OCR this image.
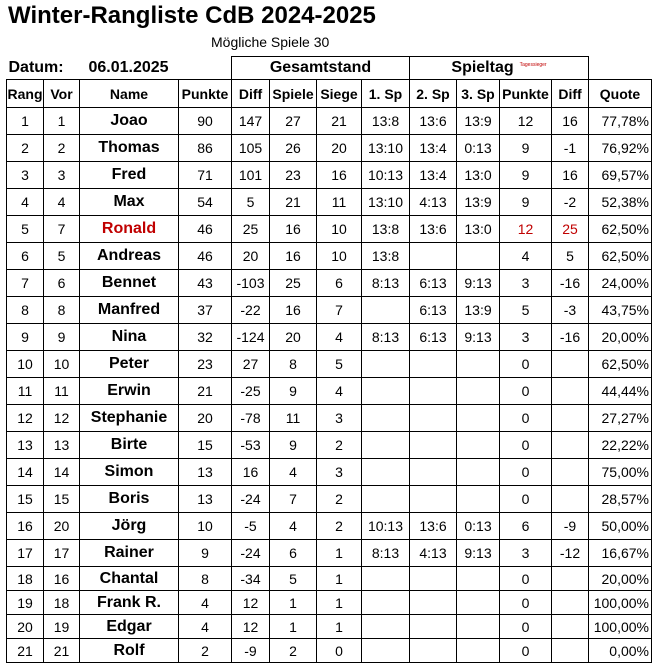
Winter-Rangliste CdB 2024-2025
Mögliche Spiele 30
Datum:		06.01.2025		Gesamtstand				Spieltag $^{Tagessieger}$	
Rang	Vor	Name	Punkte	Diff	Spiele	Siege	1. Sp	2. Sp	3. Sp	Punkte	Diff	Quote
1	1	Joao	90	147	27	21	13:8	13:6	13:9	12	16	77,78%
2	2	Thomas	86	105	26	20	13:10	13:4	0:13	9	-1	76,92%
3	3	Fred	71	101	23	16	10:13	13:4	13:0	9	16	69,57%
4	4	Max	54	5	21	11	13:10	4:13	13:9	9	-2	52,38%
5	7	Ronald	46	25	16	10	13:8	13:6	13:0	12	25	62,50%
6	5	Andreas	46	20	16	10	13:8			4	5	62,50%
7	6	Bennet	43	-103	25	6	8:13	6:13	9:13	3	-16	24,00%
8	8	Manfred	37	-22	16	7		6:13	13:9	5	-3	43,75%
9	9	Nina	32	-124	20	4	8:13	6:13	9:13	3	-16	20,00%
10	10	Peter	23	27	8	5				0		62,50%
11	11	Erwin	21	-25	9	4				0		44,44%
12	12	Stephanie	20	-78	11	3				0		27,27%
13	13	Birte	15	-53	9	2				0		22,22%
14	14	Simon	13	16	4	3				0		75,00%
15	15	Boris	13	-24	7	2				0		28,57%
16	20	Jörg	10	-5	4	2	10:13	13:6	0:13	6	-9	50,00%
17	17	Rainer	9	-24	6	1	8:13	4:13	9:13	3	-12	16,67%
18	16	Chantal	8	-34	5	1				0		20,00%
19	18	Frank R.	4	12	1	1				0		100,00%
20	19	Edgar	4	12	1	1				0		100,00%
21	21	Rolf	2	-9	2	0				0		0,00%
